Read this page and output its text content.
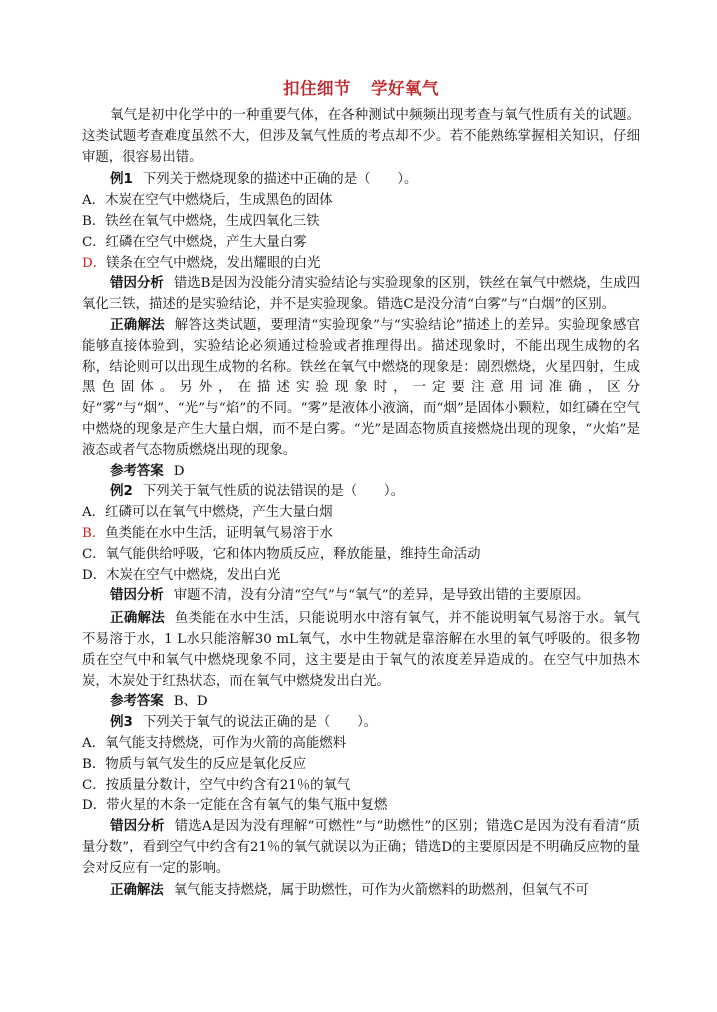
扣住细节 学好氧气

氧气是初中化学中的一种重要气体，在各种测试中频频出现考查与氧气性质有关的试题。这类试题考查难度虽然不大，但涉及氧气性质的考点却不少。若不能熟练掌握相关知识，仔细审题，很容易出错。

例1 下列关于燃烧现象的描述中正确的是（　　）。

A．木炭在空气中燃烧后，生成黑色的固体
B．铁丝在氧气中燃烧，生成四氧化三铁
C．红磷在空气中燃烧，产生大量白雾
D．镁条在空气中燃烧，发出耀眼的白光

错因分析 错选B是因为没能分清实验结论与实验现象的区别，铁丝在氧气中燃烧，生成四氧化三铁，描述的是实验结论，并不是实验现象。错选C是没分清“白雾”与“白烟”的区别。

正确解法 解答这类试题，要理清“实验现象”与“实验结论”描述上的差异。实验现象感官能够直接体验到，实验结论必须通过检验或者推理得出。描述现象时，不能出现生成物的名称，结论则可以出现生成物的名称。铁丝在氧气中燃烧的现象是：剧烈燃烧，火星四射，生成黑色固体。另外，在描述实验现象时，一定要注意用词准确，区分好“雾”与“烟”、“光”与“焰”的不同。“雾”是液体小液滴，而“烟”是固体小颗粒，如红磷在空气中燃烧的现象是产生大量白烟，而不是白雾。“光”是固态物质直接燃烧出现的现象，“火焰”是液态或者气态物质燃烧出现的现象。

参考答案 D

例2 下列关于氧气性质的说法错误的是（　　）。

A．红磷可以在氧气中燃烧，产生大量白烟
B．鱼类能在水中生活，证明氧气易溶于水
C．氧气能供给呼吸，它和体内物质反应，释放能量，维持生命活动
D．木炭在空气中燃烧，发出白光

错因分析 审题不清，没有分清“空气”与“氧气”的差异，是导致出错的主要原因。

正确解法 鱼类能在水中生活，只能说明水中溶有氧气，并不能说明氧气易溶于水。氧气不易溶于水，1 L水只能溶解30 mL氧气，水中生物就是靠溶解在水里的氧气呼吸的。很多物质在空气中和氧气中燃烧现象不同，这主要是由于氧气的浓度差异造成的。在空气中加热木炭，木炭处于红热状态，而在氧气中燃烧发出白光。

参考答案 B、D

例3 下列关于氧气的说法正确的是（　　）。

A．氧气能支持燃烧，可作为火箭的高能燃料
B．物质与氧气发生的反应是氧化反应
C．按质量分数计，空气中约含有21％的氧气
D．带火星的木条一定能在含有氧气的集气瓶中复燃

错因分析 错选A是因为没有理解“可燃性”与“助燃性”的区别；错选C是因为没有看清“质量分数”，看到空气中约含有21％的氧气就误以为正确；错选D的主要原因是不明确反应物的量会对反应有一定的影响。

正确解法 氧气能支持燃烧，属于助燃性，可作为火箭燃料的助燃剂，但氧气不可
